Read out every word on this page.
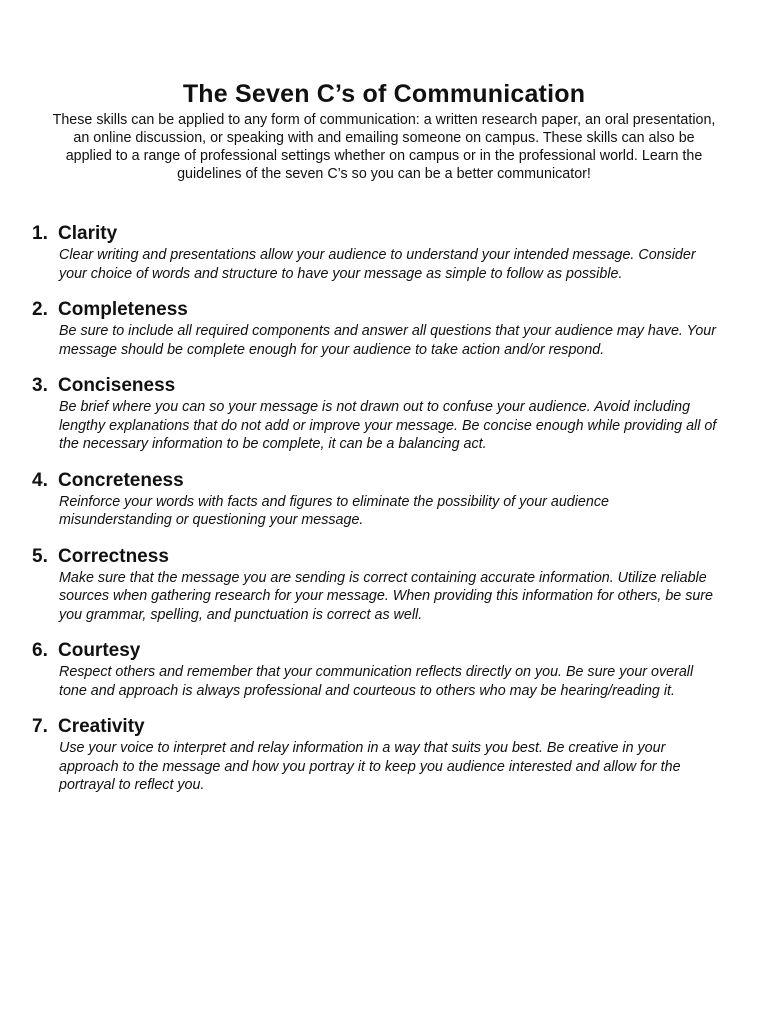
The Seven C’s of Communication

These skills can be applied to any form of communication: a written research paper, an oral presentation, an online discussion, or speaking with and emailing someone on campus. These skills can also be applied to a range of professional settings whether on campus or in the professional world. Learn the guidelines of the seven C’s so you can be a better communicator!

1. Clarity

Clear writing and presentations allow your audience to understand your intended message. Consider your choice of words and structure to have your message as simple to follow as possible.

2. Completeness

Be sure to include all required components and answer all questions that your audience may have. Your message should be complete enough for your audience to take action and/or respond.

3. Conciseness

Be brief where you can so your message is not drawn out to confuse your audience. Avoid including lengthy explanations that do not add or improve your message. Be concise enough while providing all of the necessary information to be complete, it can be a balancing act.

4. Concreteness

Reinforce your words with facts and figures to eliminate the possibility of your audience misunderstanding or questioning your message.

5. Correctness

Make sure that the message you are sending is correct containing accurate information. Utilize reliable sources when gathering research for your message. When providing this information for others, be sure you grammar, spelling, and punctuation is correct as well.

6. Courtesy

Respect others and remember that your communication reflects directly on you. Be sure your overall tone and approach is always professional and courteous to others who may be hearing/reading it.

7. Creativity

Use your voice to interpret and relay information in a way that suits you best. Be creative in your approach to the message and how you portray it to keep you audience interested and allow for the portrayal to reflect you.
